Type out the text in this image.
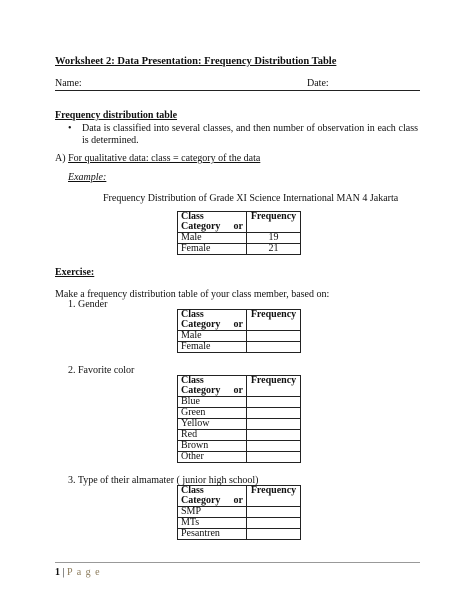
Worksheet 2: Data Presentation: Frequency Distribution Table
Name:	Date:
Frequency distribution table
• Data is classified into several classes, and then number of observation in each class is determined.
A) For qualitative data: class = category of the data
Example:
Frequency Distribution of Grade XI Science International MAN 4 Jakarta
Class
or
Category	Frequency
Male	19
Female	21
Exercise:
Make a frequency distribution table of your class member, based on:
1. Gender
Class
or
Category	Frequency
Male	
Female	
2. Favorite color
Class
or
Category	Frequency
Blue	
Green	
Yellow	
Red	
Brown	
Other	
3. Type of their almamater ( junior high school)
Class
or
Category	Frequency
SMP	
MTs	
Pesantren	
1 | P a g e
